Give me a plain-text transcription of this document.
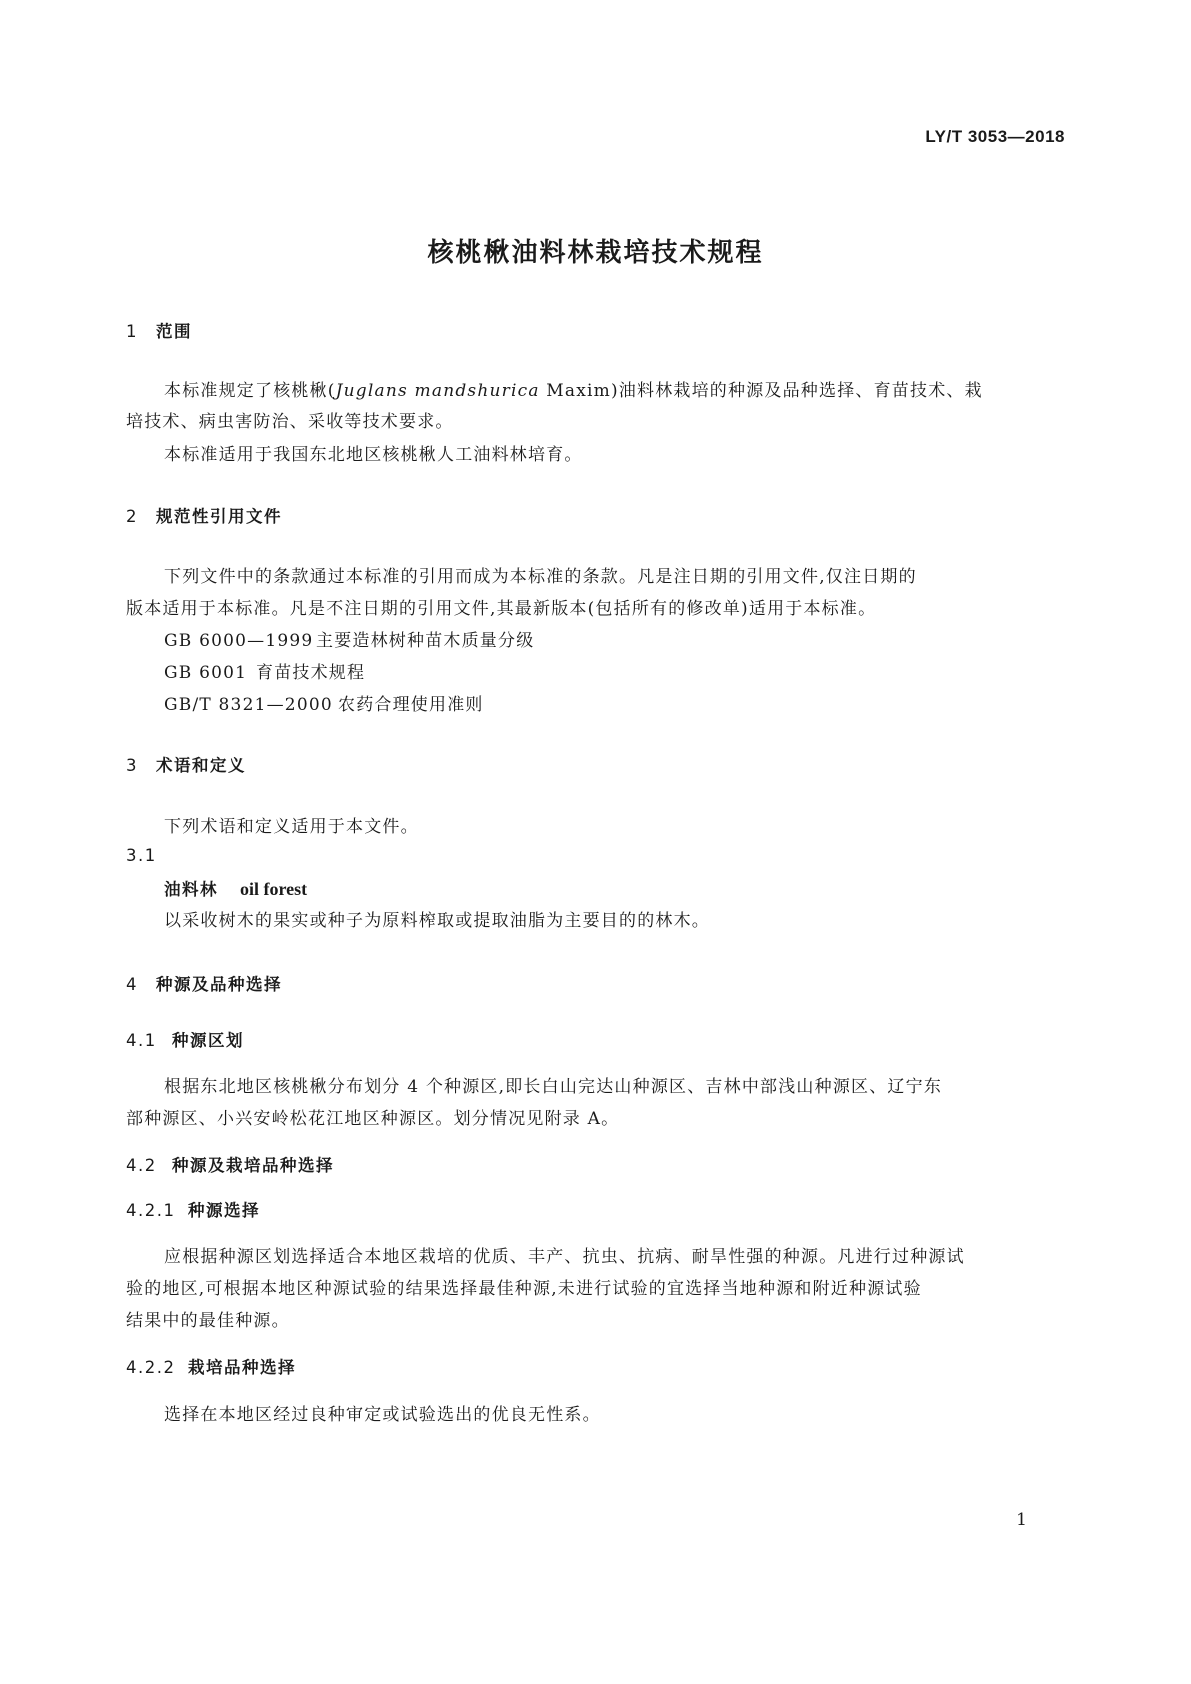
LY/T 3053—2018
核桃楸油料林栽培技术规程
1 范围
本标准规定了核桃楸(Juglans mandshurica Maxim)油料林栽培的种源及品种选择、育苗技术、栽
培技术、病虫害防治、采收等技术要求。
本标准适用于我国东北地区核桃楸人工油料林培育。
2 规范性引用文件
下列文件中的条款通过本标准的引用而成为本标准的条款。凡是注日期的引用文件,仅注日期的
版本适用于本标准。凡是不注日期的引用文件,其最新版本(包括所有的修改单)适用于本标准。
GB 6000—1999 主要造林树种苗木质量分级
GB 6001 育苗技术规程
GB/T 8321—2000 农药合理使用准则
3 术语和定义
下列术语和定义适用于本文件。
3.1
油料林 oil forest
以采收树木的果实或种子为原料榨取或提取油脂为主要目的的林木。
4 种源及品种选择
4.1 种源区划
根据东北地区核桃楸分布划分 4 个种源区,即长白山完达山种源区、吉林中部浅山种源区、辽宁东
部种源区、小兴安岭松花江地区种源区。划分情况见附录 A。
4.2 种源及栽培品种选择
4.2.1 种源选择
应根据种源区划选择适合本地区栽培的优质、丰产、抗虫、抗病、耐旱性强的种源。凡进行过种源试
验的地区,可根据本地区种源试验的结果选择最佳种源,未进行试验的宜选择当地种源和附近种源试验
结果中的最佳种源。
4.2.2 栽培品种选择
选择在本地区经过良种审定或试验选出的优良无性系。
1
